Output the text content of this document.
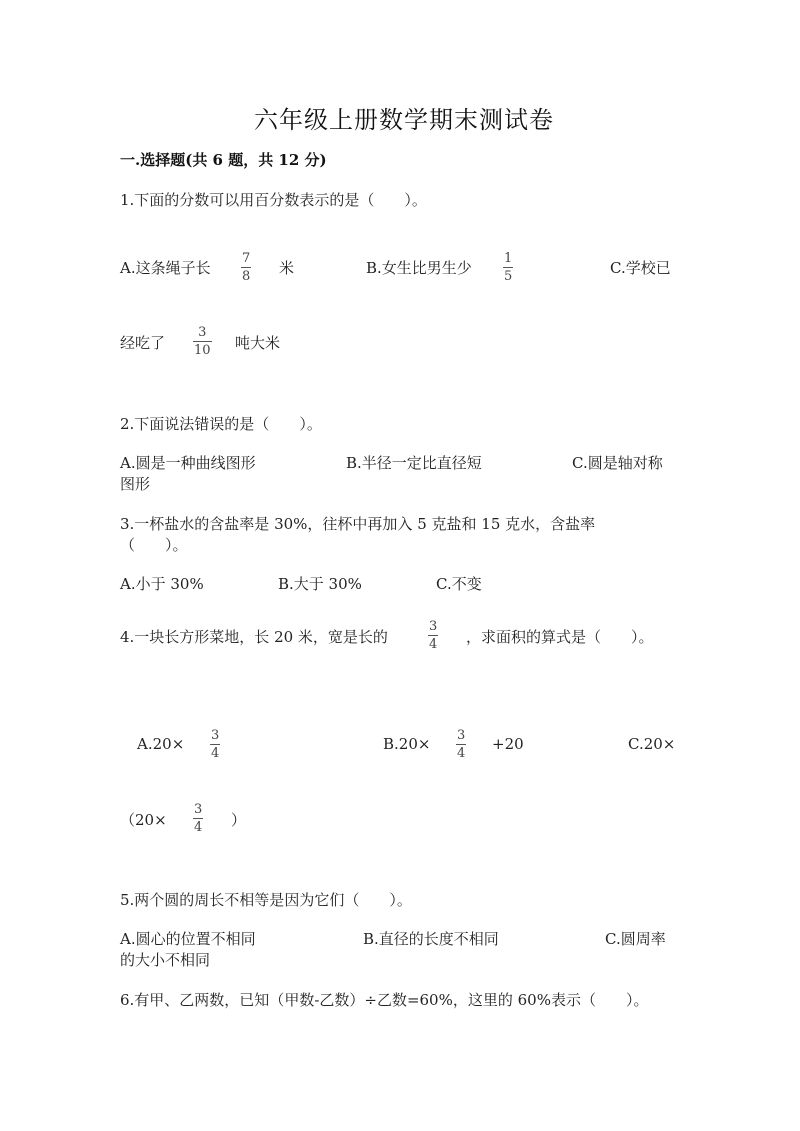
六年级上册数学期末测试卷
一.选择题(共 6 题，共 12 分)
1.下面的分数可以用百分数表示的是（　　）。
A.这条绳子长
7
8 米	B.女生比男生少
1
5	C.学校已
经吃了
3
10 吨大米
2.下面说法错误的是（　　）。
A.圆是一种曲线图形	B.半径一定比直径短	C.圆是轴对称
图形
3.一杯盐水的含盐率是 30%，往杯中再加入 5 克盐和 15 克水，含盐率
（　　）。
A.小于 30%	B.大于 30%	C.不变
4.一块长方形菜地，长 20 米，宽是长的
3
4 ，求面积的算式是（　　）。
A.20× 3
4
B.20× 3
4
+20	C.20×
（20×
3
4 ）
5.两个圆的周长不相等是因为它们（　　）。
A.圆心的位置不相同	B.直径的长度不相同	C.圆周率
的大小不相同
6.有甲、乙两数，已知（甲数-乙数）÷乙数=60%，这里的 60%表示（　　）。
